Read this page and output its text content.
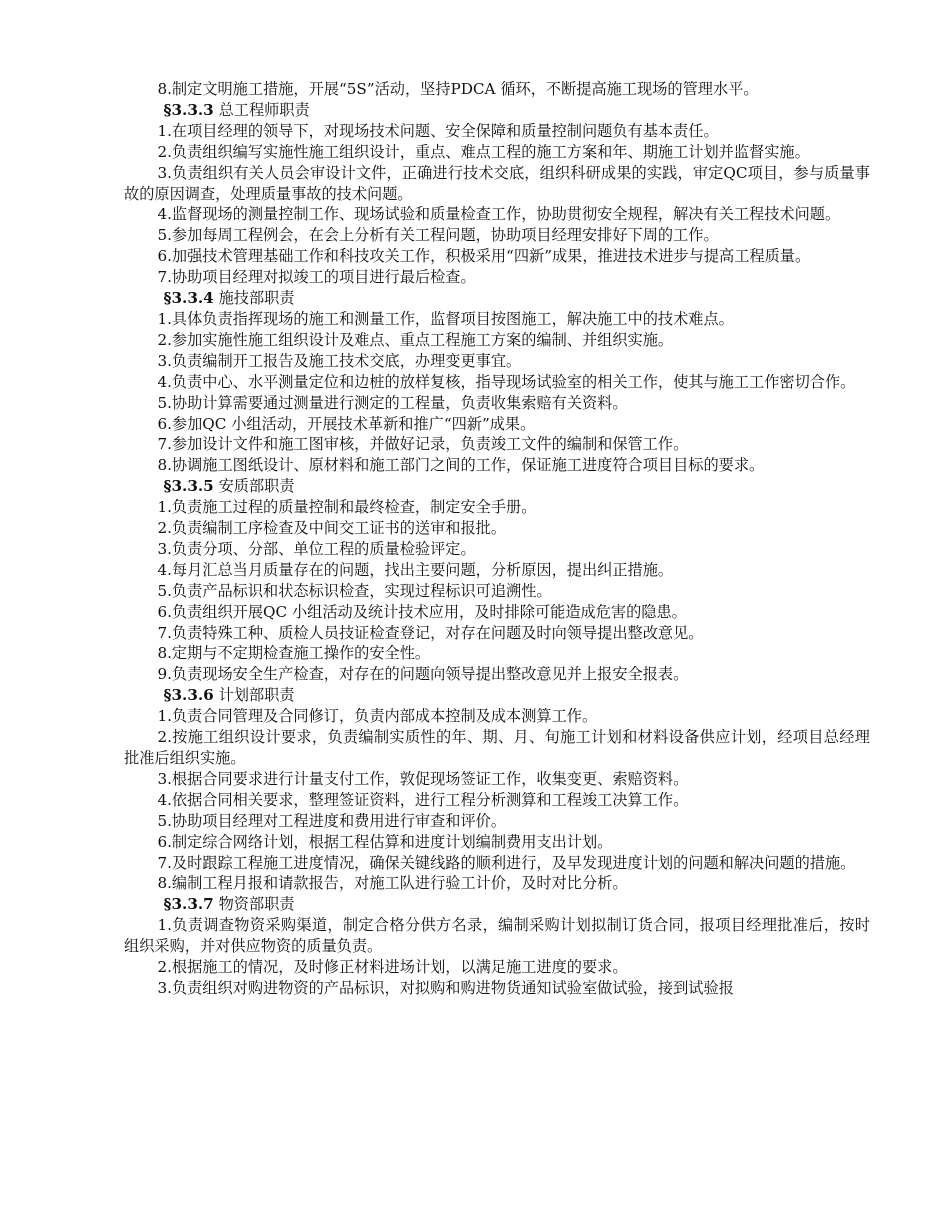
8.制定文明施工措施，开展“5S”活动，坚持PDCA 循环，不断提高施工现场的管理水平。

§3.3.3 总工程师职责

1.在项目经理的领导下，对现场技术问题、安全保障和质量控制问题负有基本责任。

2.负责组织编写实施性施工组织设计，重点、难点工程的施工方案和年、期施工计划并监督实施。

3.负责组织有关人员会审设计文件，正确进行技术交底，组织科研成果的实践，审定QC项目，参与质量事故的原因调查，处理质量事故的技术问题。

4.监督现场的测量控制工作、现场试验和质量检查工作，协助贯彻安全规程，解决有关工程技术问题。

5.参加每周工程例会，在会上分析有关工程问题，协助项目经理安排好下周的工作。

6.加强技术管理基础工作和科技攻关工作，积极采用“四新”成果，推进技术进步与提高工程质量。

7.协助项目经理对拟竣工的项目进行最后检查。

§3.3.4 施技部职责

1.具体负责指挥现场的施工和测量工作，监督项目按图施工，解决施工中的技术难点。

2.参加实施性施工组织设计及难点、重点工程施工方案的编制、并组织实施。

3.负责编制开工报告及施工技术交底，办理变更事宜。

4.负责中心、水平测量定位和边桩的放样复核，指导现场试验室的相关工作，使其与施工工作密切合作。

5.协助计算需要通过测量进行测定的工程量，负责收集索赔有关资料。

6.参加QC 小组活动，开展技术革新和推广“四新”成果。

7.参加设计文件和施工图审核，并做好记录，负责竣工文件的编制和保管工作。

8.协调施工图纸设计、原材料和施工部门之间的工作，保证施工进度符合项目目标的要求。

§3.3.5 安质部职责

1.负责施工过程的质量控制和最终检查，制定安全手册。

2.负责编制工序检查及中间交工证书的送审和报批。

3.负责分项、分部、单位工程的质量检验评定。

4.每月汇总当月质量存在的问题，找出主要问题，分析原因，提出纠正措施。

5.负责产品标识和状态标识检查，实现过程标识可追溯性。

6.负责组织开展QC 小组活动及统计技术应用，及时排除可能造成危害的隐患。

7.负责特殊工种、质检人员技证检查登记，对存在问题及时向领导提出整改意见。

8.定期与不定期检查施工操作的安全性。

9.负责现场安全生产检查，对存在的问题向领导提出整改意见并上报安全报表。

§3.3.6 计划部职责

1.负责合同管理及合同修订，负责内部成本控制及成本测算工作。

2.按施工组织设计要求，负责编制实质性的年、期、月、旬施工计划和材料设备供应计划，经项目总经理批准后组织实施。

3.根据合同要求进行计量支付工作，敦促现场签证工作，收集变更、索赔资料。

4.依据合同相关要求，整理签证资料，进行工程分析测算和工程竣工决算工作。

5.协助项目经理对工程进度和费用进行审查和评价。

6.制定综合网络计划，根据工程估算和进度计划编制费用支出计划。

7.及时跟踪工程施工进度情况，确保关键线路的顺利进行，及早发现进度计划的问题和解决问题的措施。

8.编制工程月报和请款报告，对施工队进行验工计价，及时对比分析。

§3.3.7 物资部职责

1.负责调查物资采购渠道，制定合格分供方名录，编制采购计划拟制订货合同，报项目经理批准后，按时组织采购，并对供应物资的质量负责。

2.根据施工的情况，及时修正材料进场计划，以满足施工进度的要求。

3.负责组织对购进物资的产品标识，对拟购和购进物货通知试验室做试验，接到试验报
